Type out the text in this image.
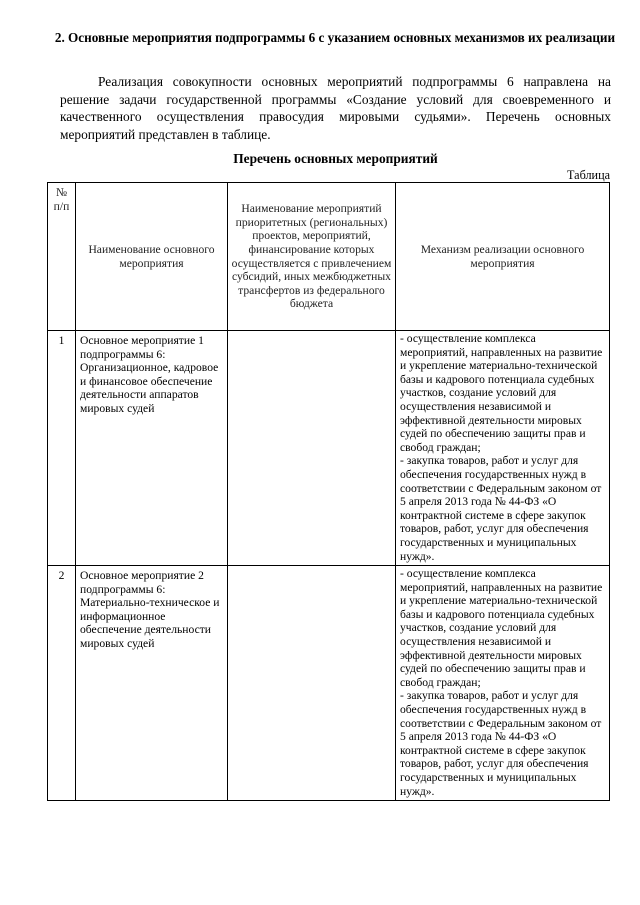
2. Основные мероприятия подпрограммы 6 с указанием основных механизмов их реализации

Реализация совокупности основных мероприятий подпрограммы 6 направлена на решение задачи государственной программы «Создание условий для своевременного и качественного осуществления правосудия мировыми судьями». Перечень основных мероприятий представлен в таблице.

Перечень основных мероприятий
Таблица
№ п/п	Наименование основного мероприятия	Наименование мероприятий приоритетных (региональных) проектов, мероприятий, финансирование которых осуществляется с привлечением субсидий, иных межбюджетных трансфертов из федерального бюджета	Механизм реализации основного мероприятия
1	Основное мероприятие 1 подпрограммы 6: Организационное, кадровое и финансовое обеспечение деятельности аппаратов мировых судей		- осуществление комплекса мероприятий, направленных на развитие и укрепление материально-технической базы и кадрового потенциала судебных участков, создание условий для осуществления независимой и эффективной деятельности мировых судей по обеспечению защиты прав и свобод граждан;
- закупка товаров, работ и услуг для обеспечения государственных нужд в соответствии с Федеральным законом от 5 апреля 2013 года № 44-ФЗ «О контрактной системе в сфере закупок товаров, работ, услуг для обеспечения государственных и муниципальных нужд».
2	Основное мероприятие 2 подпрограммы 6: Материально-техническое и информационное обеспечение деятельности мировых судей		- осуществление комплекса мероприятий, направленных на развитие и укрепление материально-технической базы и кадрового потенциала судебных участков, создание условий для осуществления независимой и эффективной деятельности мировых судей по обеспечению защиты прав и свобод граждан;
- закупка товаров, работ и услуг для обеспечения государственных нужд в соответствии с Федеральным законом от 5 апреля 2013 года № 44-ФЗ «О контрактной системе в сфере закупок товаров, работ, услуг для обеспечения государственных и муниципальных нужд».
